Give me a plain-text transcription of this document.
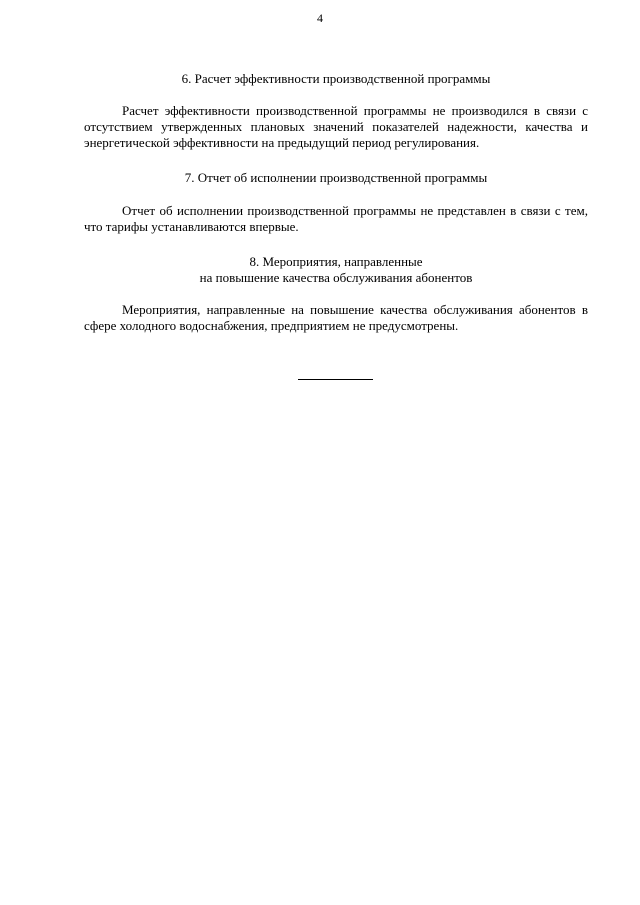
4
6. Расчет эффективности производственной программы
Расчет эффективности производственной программы не производился в связи с отсутствием утвержденных плановых значений показателей надежности, качества и энергетической эффективности на предыдущий период регулирования.
7. Отчет об исполнении производственной программы
Отчет об исполнении производственной программы не представлен в связи с тем, что тарифы устанавливаются впервые.
8. Мероприятия, направленные
на повышение качества обслуживания абонентов
Мероприятия, направленные на повышение качества обслуживания абонентов в сфере холодного водоснабжения, предприятием не предусмотрены.
